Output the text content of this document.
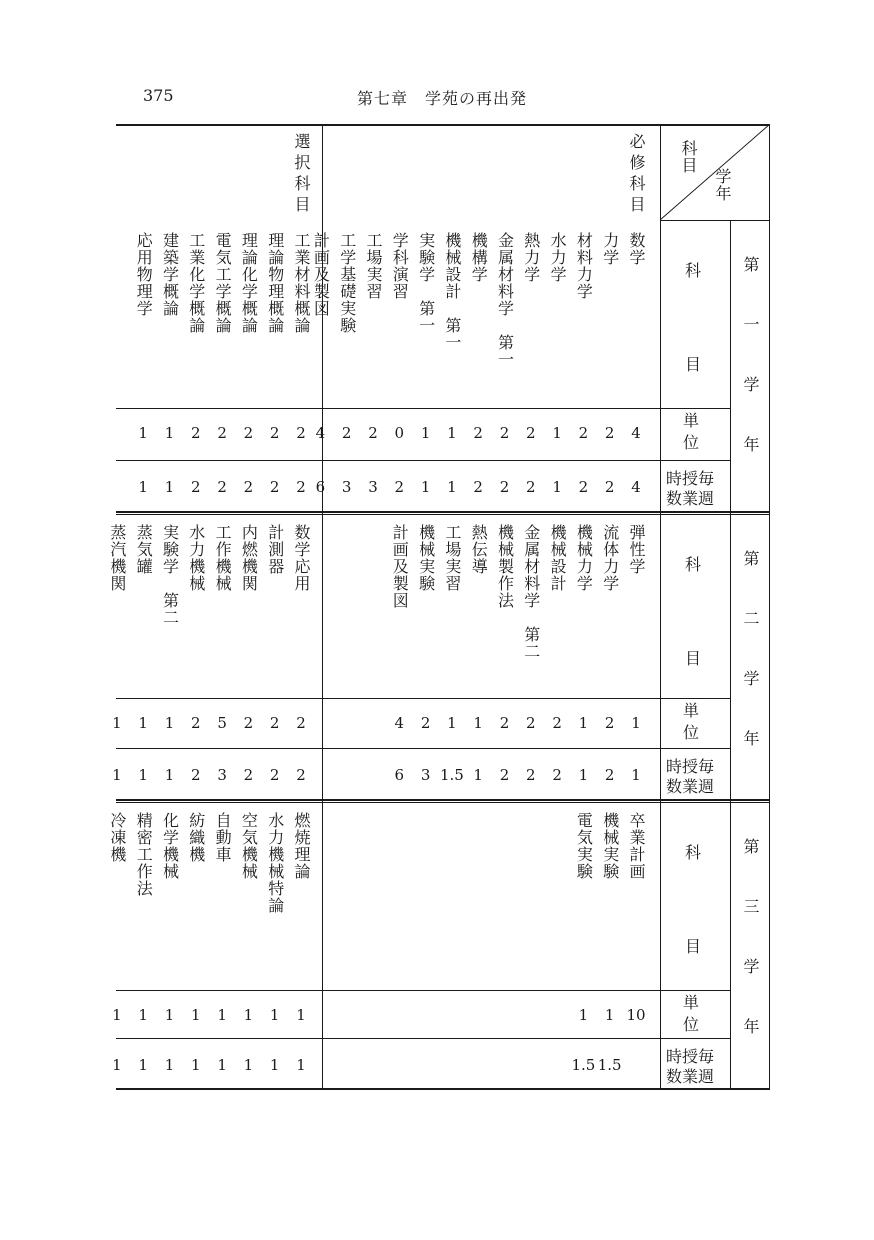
375	第七章　学苑の再出発
科目
学年
必修科目
選択科目
科
目
単位
時授毎
数業週
第一学年
数学
4
4
力学
2
2
材料力学
2
2
水力学
1
1
熱力学
2
2
金属材料学　第一
2
2
機構学
2
2
機械設計　第一
1
1
実験学　第一
1
1
学科演習
0
2
工場実習
2
3
工学基礎実験
2
3
計画及製図
4
6
工業材料概論
2
2
理論物理概論
2
2
理論化学概論
2
2
電気工学概論
2
2
工業化学概論
2
2
建築学概論
1
1
応用物理学
1
1
科
目
単位
時授毎
数業週 第二学年
弾性学
1
1
流体力学
2
2
機械力学
1
1
機械設計
2
2
金属材料学　第二
2
2
機械製作法
2
2
熱伝導
1
1
工場実習
1
1.5
機械実験
2
3
計画及製図
4
6
数学応用
2
2
計測器
2
2
内燃機関
2
2
工作機械
5
3
水力機械
2
2
実験学　第二
1
1
蒸気罐
1
1
蒸汽機関
1
1
科
目
単位
時授毎
数業週 第三学年
卒業計画
10
機械実験
1
1.5
電気実験
1
1.5
燃焼理論
1
1
水力機械特論
1
1
空気機械
1
1
自動車
1
1
紡織機
1
1
化学機械
1
1
精密工作法
1
1
冷凍機
1
1
